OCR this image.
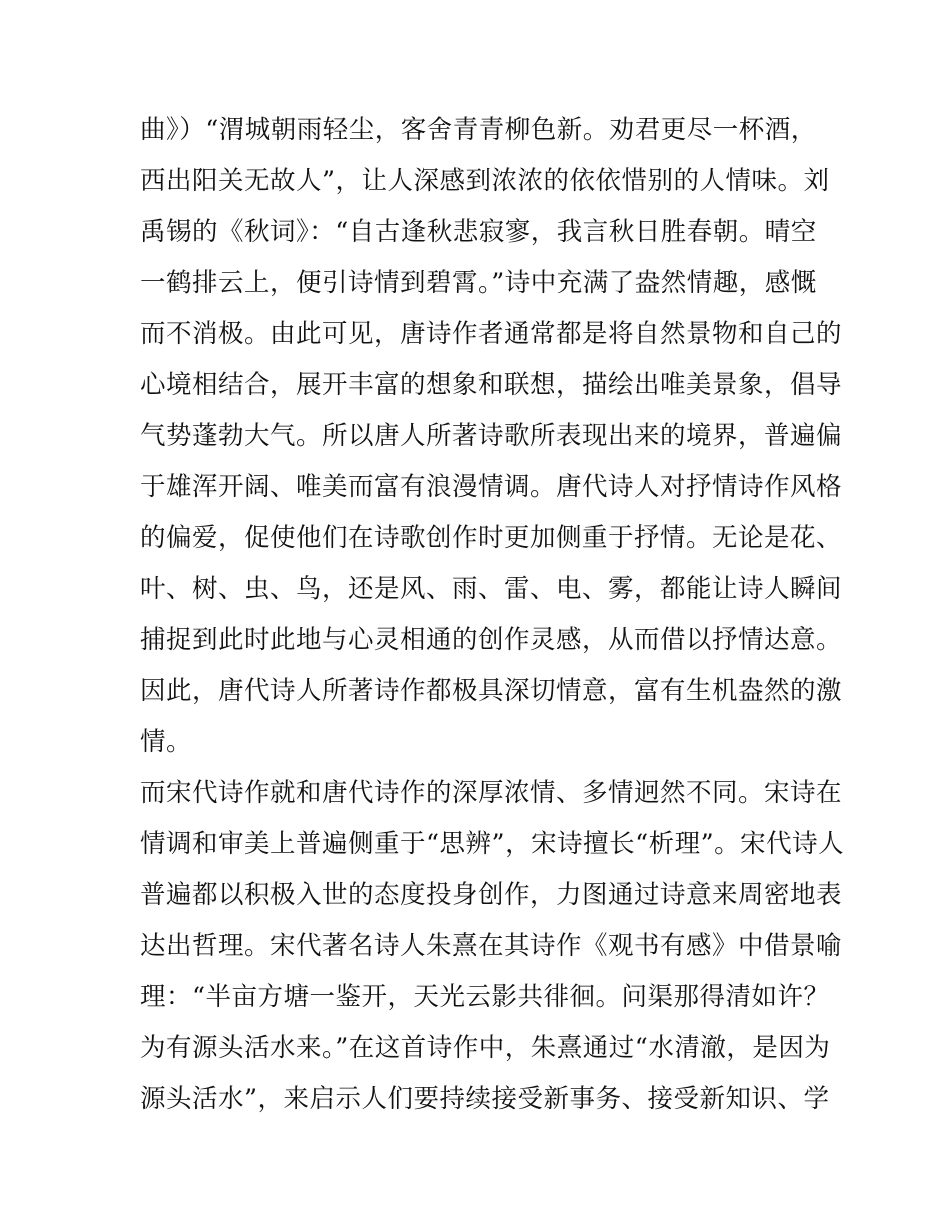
曲》）“渭城朝雨轻尘，客舍青青柳色新。劝君更尽一杯酒，
西出阳关无故人”，让人深感到浓浓的依依惜别的人情味。刘
禹锡的《秋词》：“自古逢秋悲寂寥，我言秋日胜春朝。晴空
一鹤排云上，便引诗情到碧霄。”诗中充满了盎然情趣，感慨
而不消极。由此可见，唐诗作者通常都是将自然景物和自己的
心境相结合，展开丰富的想象和联想，描绘出唯美景象，倡导
气势蓬勃大气。所以唐人所著诗歌所表现出来的境界，普遍偏
于雄浑开阔、唯美而富有浪漫情调。唐代诗人对抒情诗作风格
的偏爱，促使他们在诗歌创作时更加侧重于抒情。无论是花、
叶、树、虫、鸟，还是风、雨、雷、电、雾，都能让诗人瞬间
捕捉到此时此地与心灵相通的创作灵感，从而借以抒情达意。
因此，唐代诗人所著诗作都极具深切情意，富有生机盎然的激
情。
而宋代诗作就和唐代诗作的深厚浓情、多情迥然不同。宋诗在
情调和审美上普遍侧重于“思辨”，宋诗擅长“析理”。宋代诗人
普遍都以积极入世的态度投身创作，力图通过诗意来周密地表
达出哲理。宋代著名诗人朱熹在其诗作《观书有感》中借景喻
理：“半亩方塘一鉴开，天光云影共徘徊。问渠那得清如许？
为有源头活水来。”在这首诗作中，朱熹通过“水清澈，是因为
源头活水”，来启示人们要持续接受新事务、接受新知识、学
